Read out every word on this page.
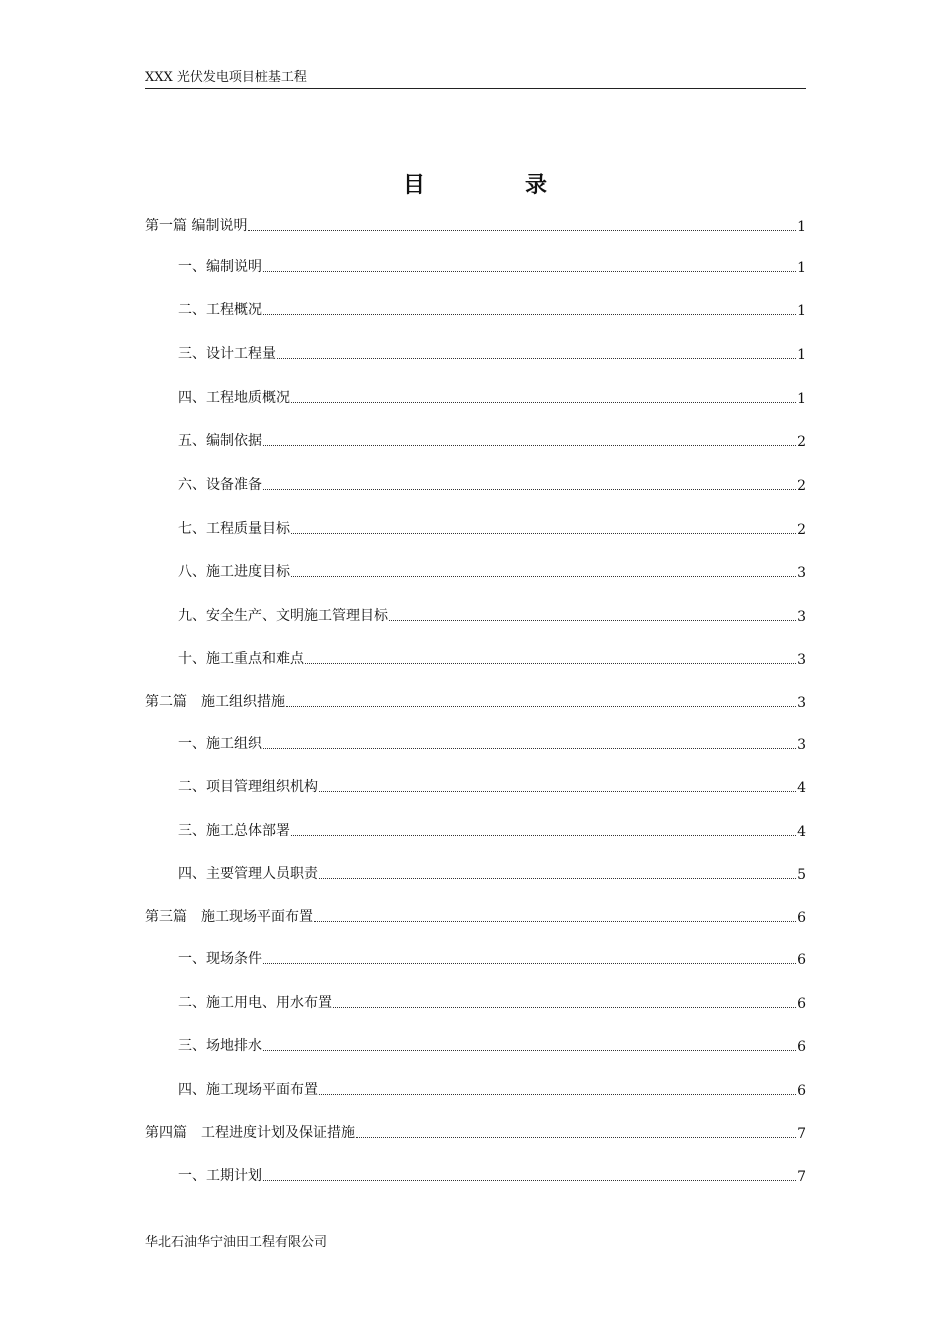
XXX 光伏发电项目桩基工程
目	录
第一篇 编制说明	1
一、编制说明	1
二、工程概况	1
三、设计工程量	1
四、工程地质概况	1
五、编制依据	2
六、设备准备	2
七、工程质量目标	2
八、施工进度目标	3
九、安全生产、文明施工管理目标	3
十、施工重点和难点	3
第二篇　施工组织措施	3
一、施工组织	3
二、项目管理组织机构	4
三、施工总体部署	4
四、主要管理人员职责	5
第三篇　施工现场平面布置	6
一、现场条件	6
二、施工用电、用水布置	6
三、场地排水	6
四、施工现场平面布置	6
第四篇　工程进度计划及保证措施	7
一、工期计划	7
华北石油华宁油田工程有限公司
